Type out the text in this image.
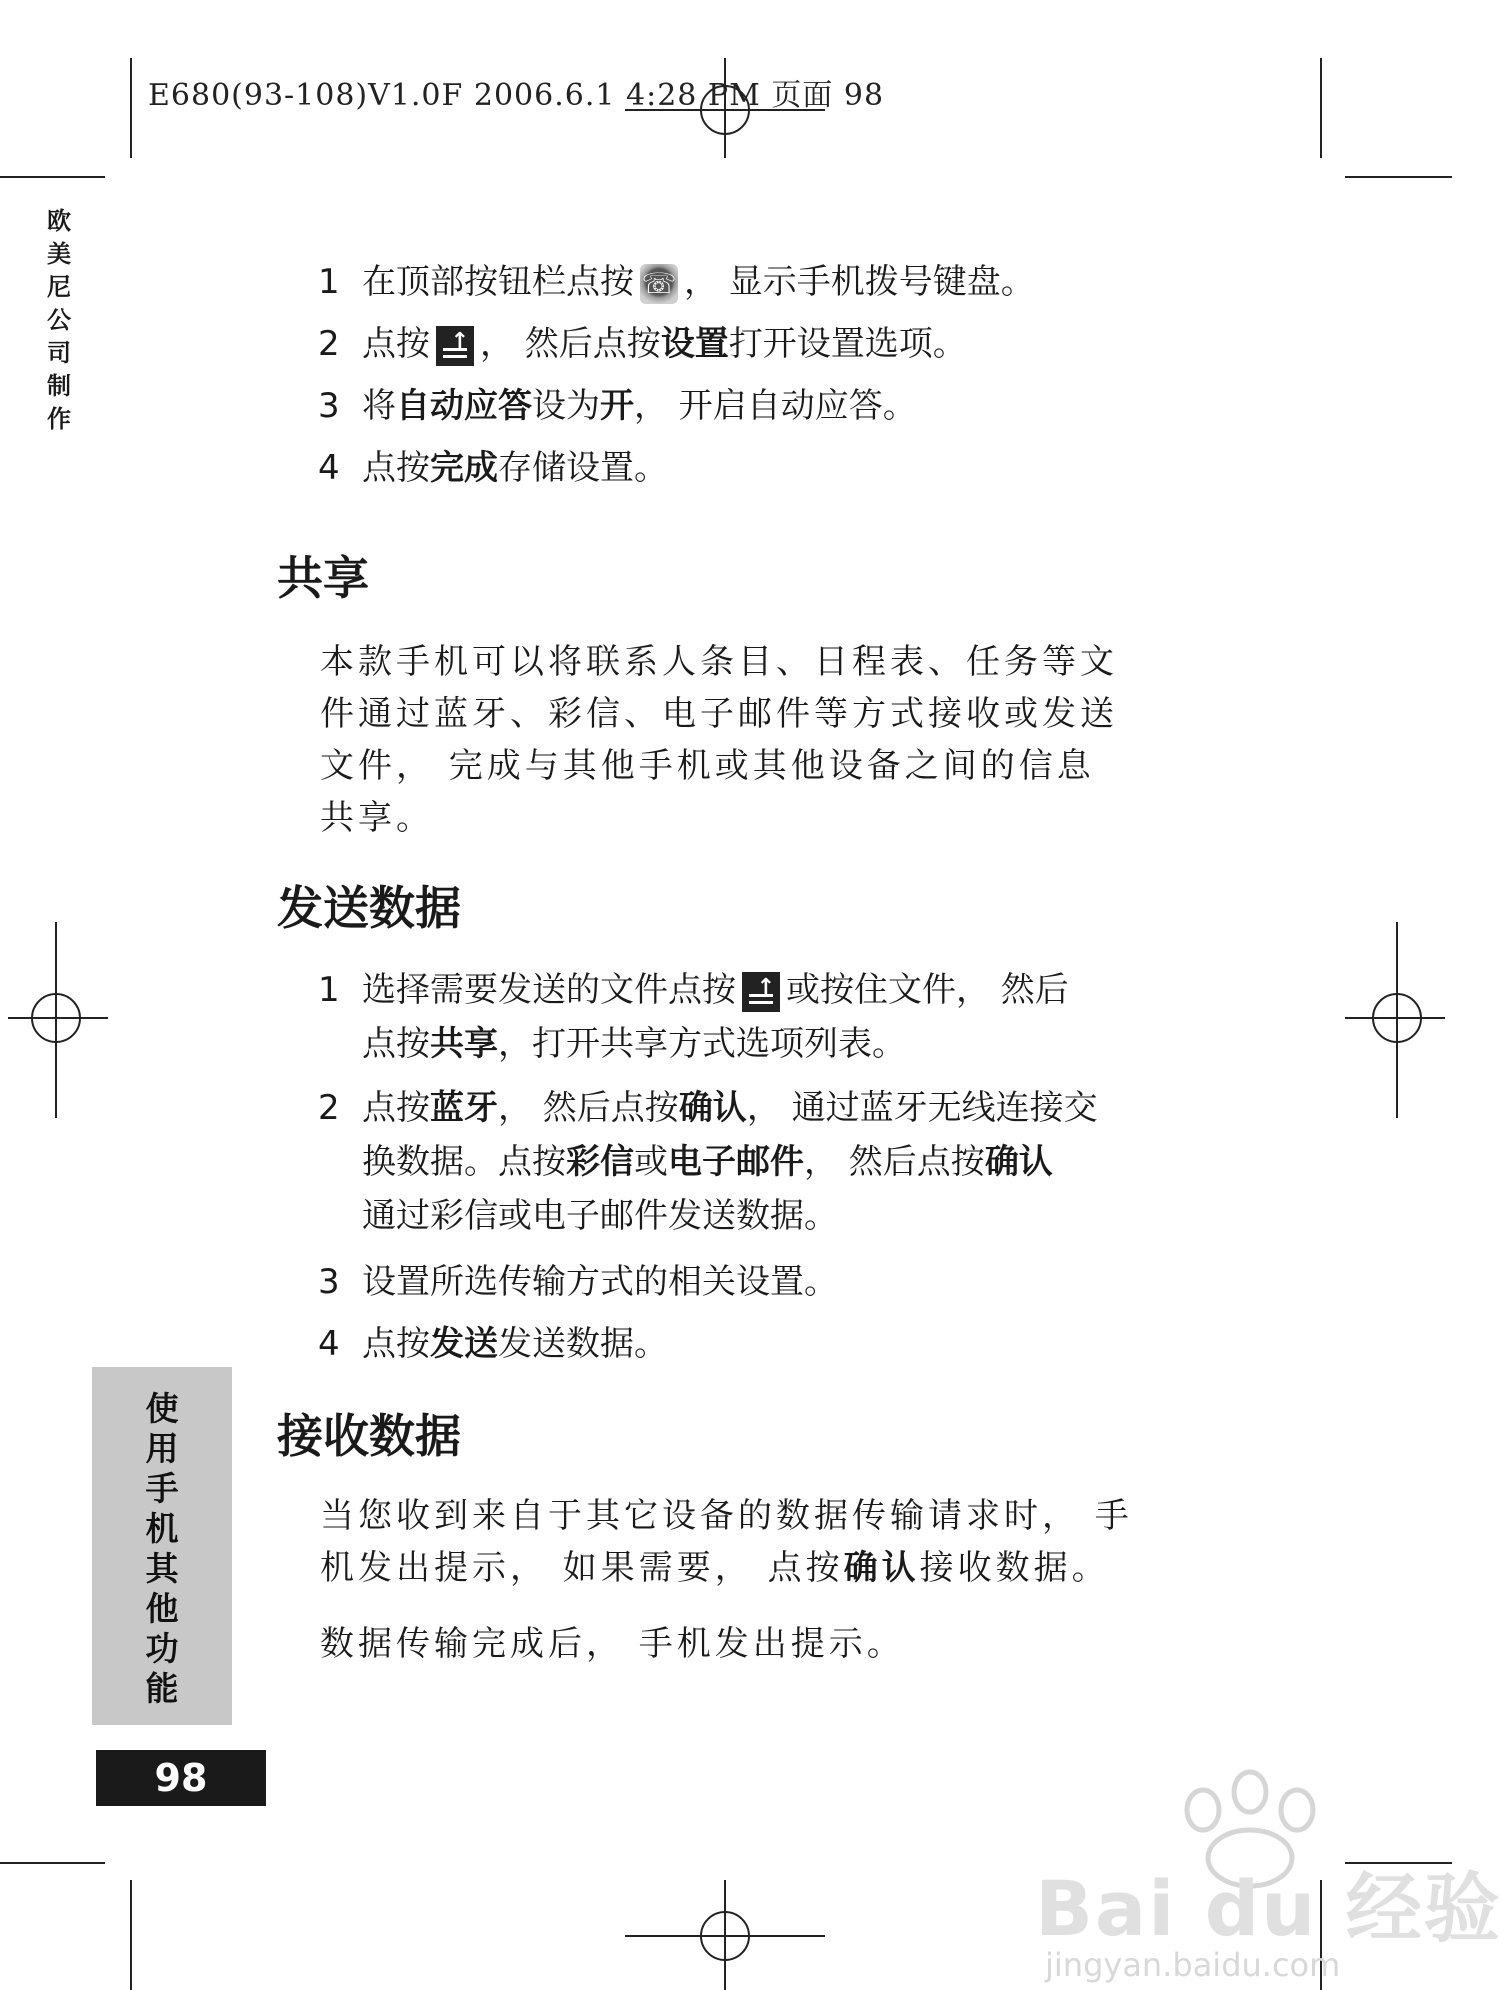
E680(93-108)V1.0F 2006.6.1 4:28 PM 页面 98
欧美尼公司制作
1 在顶部按钮栏点按 ☏ ， 显示手机拨号键盘。
2 点按 ↑ ， 然后点按设置打开设置选项。
3 将自动应答设为开， 开启自动应答。
4 点按完成存储设置。
共享
本款手机可以将联系人条目、日程表、任务等文
件通过蓝牙、彩信、电子邮件等方式接收或发送
文件， 完成与其他手机或其他设备之间的信息
共享。
发送数据
1 选择需要发送的文件点按 ↑ 或按住文件， 然后
点按共享，打开共享方式选项列表。
2 点按蓝牙， 然后点按确认， 通过蓝牙无线连接交
换数据。点按彩信或电子邮件， 然后点按确认
通过彩信或电子邮件发送数据。
3 设置所选传输方式的相关设置。
4 点按发送发送数据。
接收数据
当您收到来自于其它设备的数据传输请求时， 手
机发出提示， 如果需要， 点按确认接收数据。
数据传输完成后， 手机发出提示。
使用手机其他功能
98
Bai du 经验
jingyan.baidu.com
